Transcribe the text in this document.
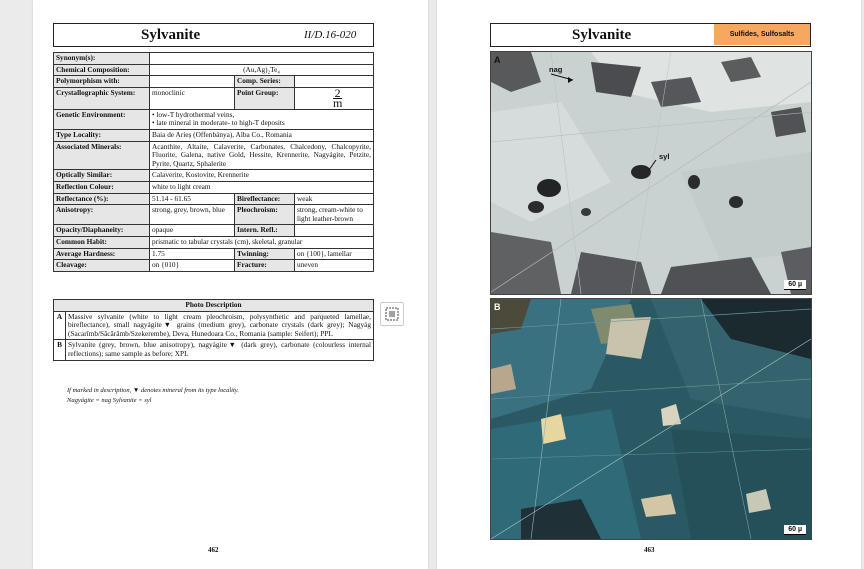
Sylvanite	II/D.16-020
Synonym(s):			
Chemical Composition:	(Au,Ag)₂Te₄		
Polymorphism with:		Comp. Series:	
Crystallographic System:	monoclinic	Point Group:	2
m
Genetic Environment:	• low-T hydrothermal veins,
• late mineral in moderate- to high-T deposits		

Type Locality:	Baia de Arieș (Offenbánya), Alba Co., Romania		
Associated Minerals:	Acanthite, Altaite, Calaverite, Carbonates, Chalcedony, Chalcopyrite, Fluorite, Galena, native Gold, Hessite, Krennerite, Nagyágite, Petzite, Pyrite, Quartz, Sphalerite		
Optically Similar:	Calaverite, Kostovite, Krennerite		
Reflection Colour:	white to light cream		
Reflectance (%):	51.14 - 61.65	Bireflectance:	weak
Anisotropy:	strong, grey, brown, blue	Pleochroism:	strong, cream-white to light leather-brown
Opacity/Diaphaneity:	opaque	Intern. Refl.:	
Common Habit:	prismatic to tabular crystals (cm), skeletal, granular		
Average Hardness:	1.75	Twinning:	on {100}, lamellar
Cleavage:	on {010}	Fracture:	uneven
Photo Description	
A	Massive sylvanite (white to light cream pleochroism, polysynthetic and parqueted lamellae, bireflectance), small nagyágite▼ grains (medium grey), carbonate crystals (dark grey); Nagyág (Sacarîmb/Săcărâmb/Szekerembe), Deva, Hunedoara Co., Romania (sample: Seifert); PPL
B	Sylvanite (grey, brown, blue anisotropy), nagyágite▼ (dark grey), carbonate (colourless internal reflections); same sample as before; XPL
If marked in description, ▼ denotes mineral from its type locality.
Nagyágite = nag Sylvanite = syl
462
Sylvanite	Sulfides, Sulfosalts
A
nag
syl
60 µ
B
60 µ
463
